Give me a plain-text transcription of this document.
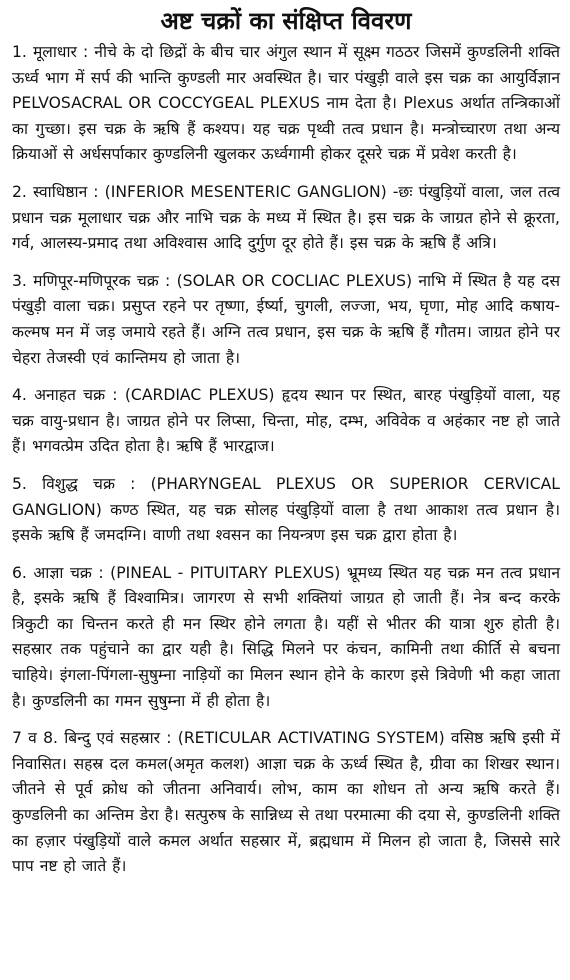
अष्ट चक्रों का संक्षिप्त विवरण

1. मूलाधार : नीचे के दो छिद्रों के बीच चार अंगुल स्थान में सूक्ष्म गठठर जिसमें कुण्डलिनी शक्ति ऊर्ध्व भाग में सर्प की भान्ति कुण्डली मार अवस्थित है। चार पंखुड़ी वाले इस चक्र का आयुर्विज्ञान PELVOSACRAL OR COCCYGEAL PLEXUS नाम देता है। Plexus अर्थात तन्त्रिकाओं का गुच्छा। इस चक्र के ऋषि हैं कश्यप। यह चक्र पृथ्वी तत्व प्रधान है। मन्त्रोच्चारण तथा अन्य क्रियाओं से अर्धसर्पाकार कुण्डलिनी खुलकर ऊर्ध्वगामी होकर दूसरे चक्र में प्रवेश करती है।

2. स्वाधिष्ठान : (INFERIOR MESENTERIC GANGLION) -छः पंखुड़ियों वाला, जल तत्व प्रधान चक्र मूलाधार चक्र और नाभि चक्र के मध्य में स्थित है। इस चक्र के जाग्रत होने से क्रूरता, गर्व, आलस्य-प्रमाद तथा अविश्वास आदि दुर्गुण दूर होते हैं। इस चक्र के ऋषि हैं अत्रि।

3. मणिपूर-मणिपूरक चक्र : (SOLAR OR COCLIAC PLEXUS) नाभि में स्थित है यह दस पंखुड़ी वाला चक्र। प्रसुप्त रहने पर तृष्णा, ईर्ष्या, चुगली, लज्जा, भय, घृणा, मोह आदि कषाय-कल्मष मन में जड़ जमाये रहते हैं। अग्नि तत्व प्रधान, इस चक्र के ऋषि हैं गौतम। जाग्रत होने पर चेहरा तेजस्वी एवं कान्तिमय हो जाता है।

4. अनाहत चक्र : (CARDIAC PLEXUS) हृदय स्थान पर स्थित, बारह पंखुड़ियों वाला, यह चक्र वायु-प्रधान है। जाग्रत होने पर लिप्सा, चिन्ता, मोह, दम्भ, अविवेक व अहंकार नष्ट हो जाते हैं। भगवत्प्रेम उदित होता है। ऋषि हैं भारद्वाज।

5. विशुद्ध चक्र : (PHARYNGEAL PLEXUS OR SUPERIOR CERVICAL GANGLION) कण्ठ स्थित, यह चक्र सोलह पंखुड़ियों वाला है तथा आकाश तत्व प्रधान है। इसके ऋषि हैं जमदग्नि। वाणी तथा श्वसन का नियन्त्रण इस चक्र द्वारा होता है।

6. आज्ञा चक्र : (PINEAL - PITUITARY PLEXUS) भ्रूमध्य स्थित यह चक्र मन तत्व प्रधान है, इसके ऋषि हैं विश्वामित्र। जागरण से सभी शक्तियां जाग्रत हो जाती हैं। नेत्र बन्द करके त्रिकुटी का चिन्तन करते ही मन स्थिर होने लगता है। यहीं से भीतर की यात्रा शुरु होती है। सहस्रार तक पहुंचाने का द्वार यही है। सिद्धि मिलने पर कंचन, कामिनी तथा कीर्ति से बचना चाहिये। इंगला-पिंगला-सुषुम्ना नाड़ियों का मिलन स्थान होने के कारण इसे त्रिवेणी भी कहा जाता है। कुण्डलिनी का गमन सुषुम्ना में ही होता है।

7 व 8. बिन्दु एवं सहस्रार : (RETICULAR ACTIVATING SYSTEM) वसिष्ठ ऋषि इसी में निवासित। सहस्र दल कमल(अमृत कलश) आज्ञा चक्र के ऊर्ध्व स्थित है, ग्रीवा का शिखर स्थान। जीतने से पूर्व क्रोध को जीतना अनिवार्य। लोभ, काम का शोधन तो अन्य ऋषि करते हैं। कुण्डलिनी का अन्तिम डेरा है। सत्पुरुष के सान्निध्य से तथा परमात्मा की दया से, कुण्डलिनी शक्ति का हज़ार पंखुड़ियों वाले कमल अर्थात सहस्रार में, ब्रह्मधाम में मिलन हो जाता है, जिससे सारे पाप नष्ट हो जाते हैं।
